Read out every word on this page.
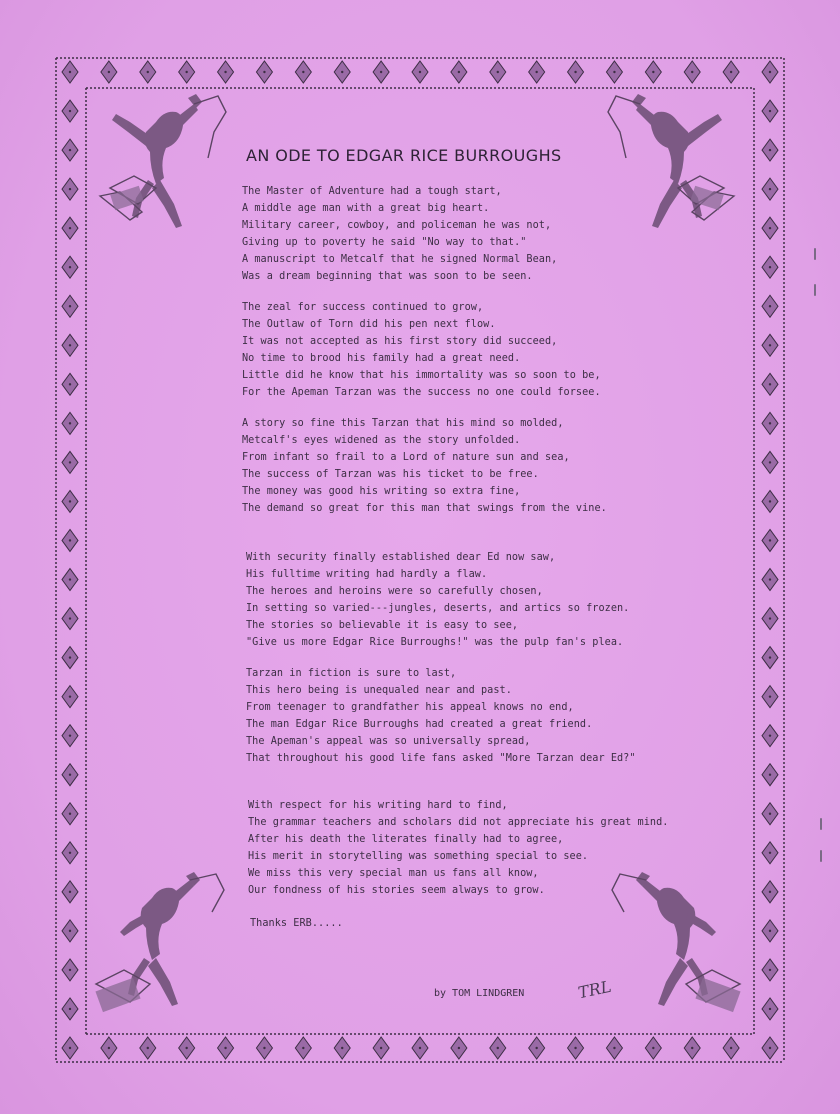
AN ODE TO EDGAR RICE BURROUGHS
The Master of Adventure had a tough start,
A middle age man with a great big heart.
Military career, cowboy, and policeman he was not,
Giving up to poverty he said "No way to that."
A manuscript to Metcalf that he signed Normal Bean,
Was a dream beginning that was soon to be seen.
The zeal for success continued to grow,
The Outlaw of Torn did his pen next flow.
It was not accepted as his first story did succeed,
No time to brood his family had a great need.
Little did he know that his immortality was so soon to be,
For the Apeman Tarzan was the success no one could forsee.
A story so fine this Tarzan that his mind so molded,
Metcalf's eyes widened as the story unfolded.
From infant so frail to a Lord of nature sun and sea,
The success of Tarzan was his ticket to be free.
The money was good his writing so extra fine,
The demand so great for this man that swings from the vine.
With security finally established dear Ed now saw,
His fulltime writing had hardly a flaw.
The heroes and heroins were so carefully chosen,
In setting so varied---jungles, deserts, and artics so frozen.
The stories so believable it is easy to see,
"Give us more Edgar Rice Burroughs!" was the pulp fan's plea.
Tarzan in fiction is sure to last,
This hero being is unequaled near and past.
From teenager to grandfather his appeal knows no end,
The man Edgar Rice Burroughs had created a great friend.
The Apeman's appeal was so universally spread,
That throughout his good life fans asked "More Tarzan dear Ed?"
With respect for his writing hard to find,
The grammar teachers and scholars did not appreciate his great mind.
After his death the literates finally had to agree,
His merit in storytelling was something special to see.
We miss this very special man us fans all know,
Our fondness of his stories seem always to grow.
Thanks ERB.....
by TOM LINDGREN	TRL
